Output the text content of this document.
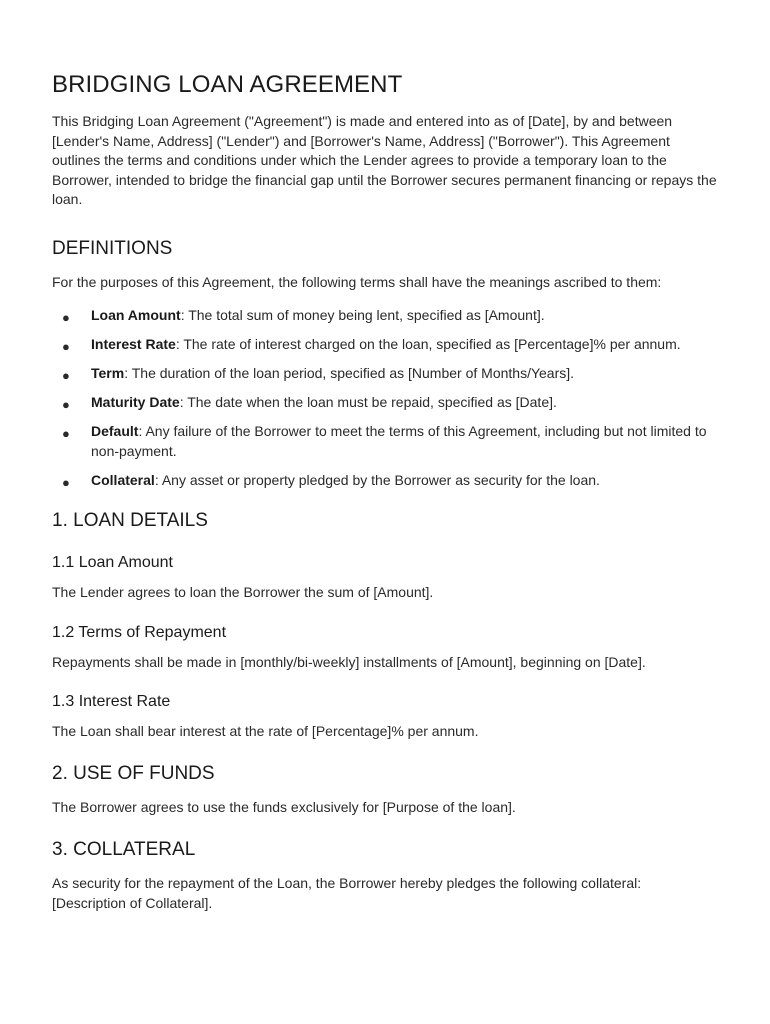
BRIDGING LOAN AGREEMENT

This Bridging Loan Agreement ("Agreement") is made and entered into as of [Date], by and between [Lender's Name, Address] ("Lender") and [Borrower's Name, Address] ("Borrower"). This Agreement outlines the terms and conditions under which the Lender agrees to provide a temporary loan to the Borrower, intended to bridge the financial gap until the Borrower secures permanent financing or repays the loan.

DEFINITIONS

For the purposes of this Agreement, the following terms shall have the meanings ascribed to them:

● Loan Amount: The total sum of money being lent, specified as [Amount].
● Interest Rate: The rate of interest charged on the loan, specified as [Percentage]% per annum.
● Term: The duration of the loan period, specified as [Number of Months/Years].
● Maturity Date: The date when the loan must be repaid, specified as [Date].
● Default: Any failure of the Borrower to meet the terms of this Agreement, including but not limited to non-payment.
● Collateral: Any asset or property pledged by the Borrower as security for the loan.
1. LOAN DETAILS
1.1 Loan Amount

The Lender agrees to loan the Borrower the sum of [Amount].

1.2 Terms of Repayment

Repayments shall be made in [monthly/bi-weekly] installments of [Amount], beginning on [Date].

1.3 Interest Rate

The Loan shall bear interest at the rate of [Percentage]% per annum.

2. USE OF FUNDS

The Borrower agrees to use the funds exclusively for [Purpose of the loan].

3. COLLATERAL

As security for the repayment of the Loan, the Borrower hereby pledges the following collateral: [Description of Collateral].
